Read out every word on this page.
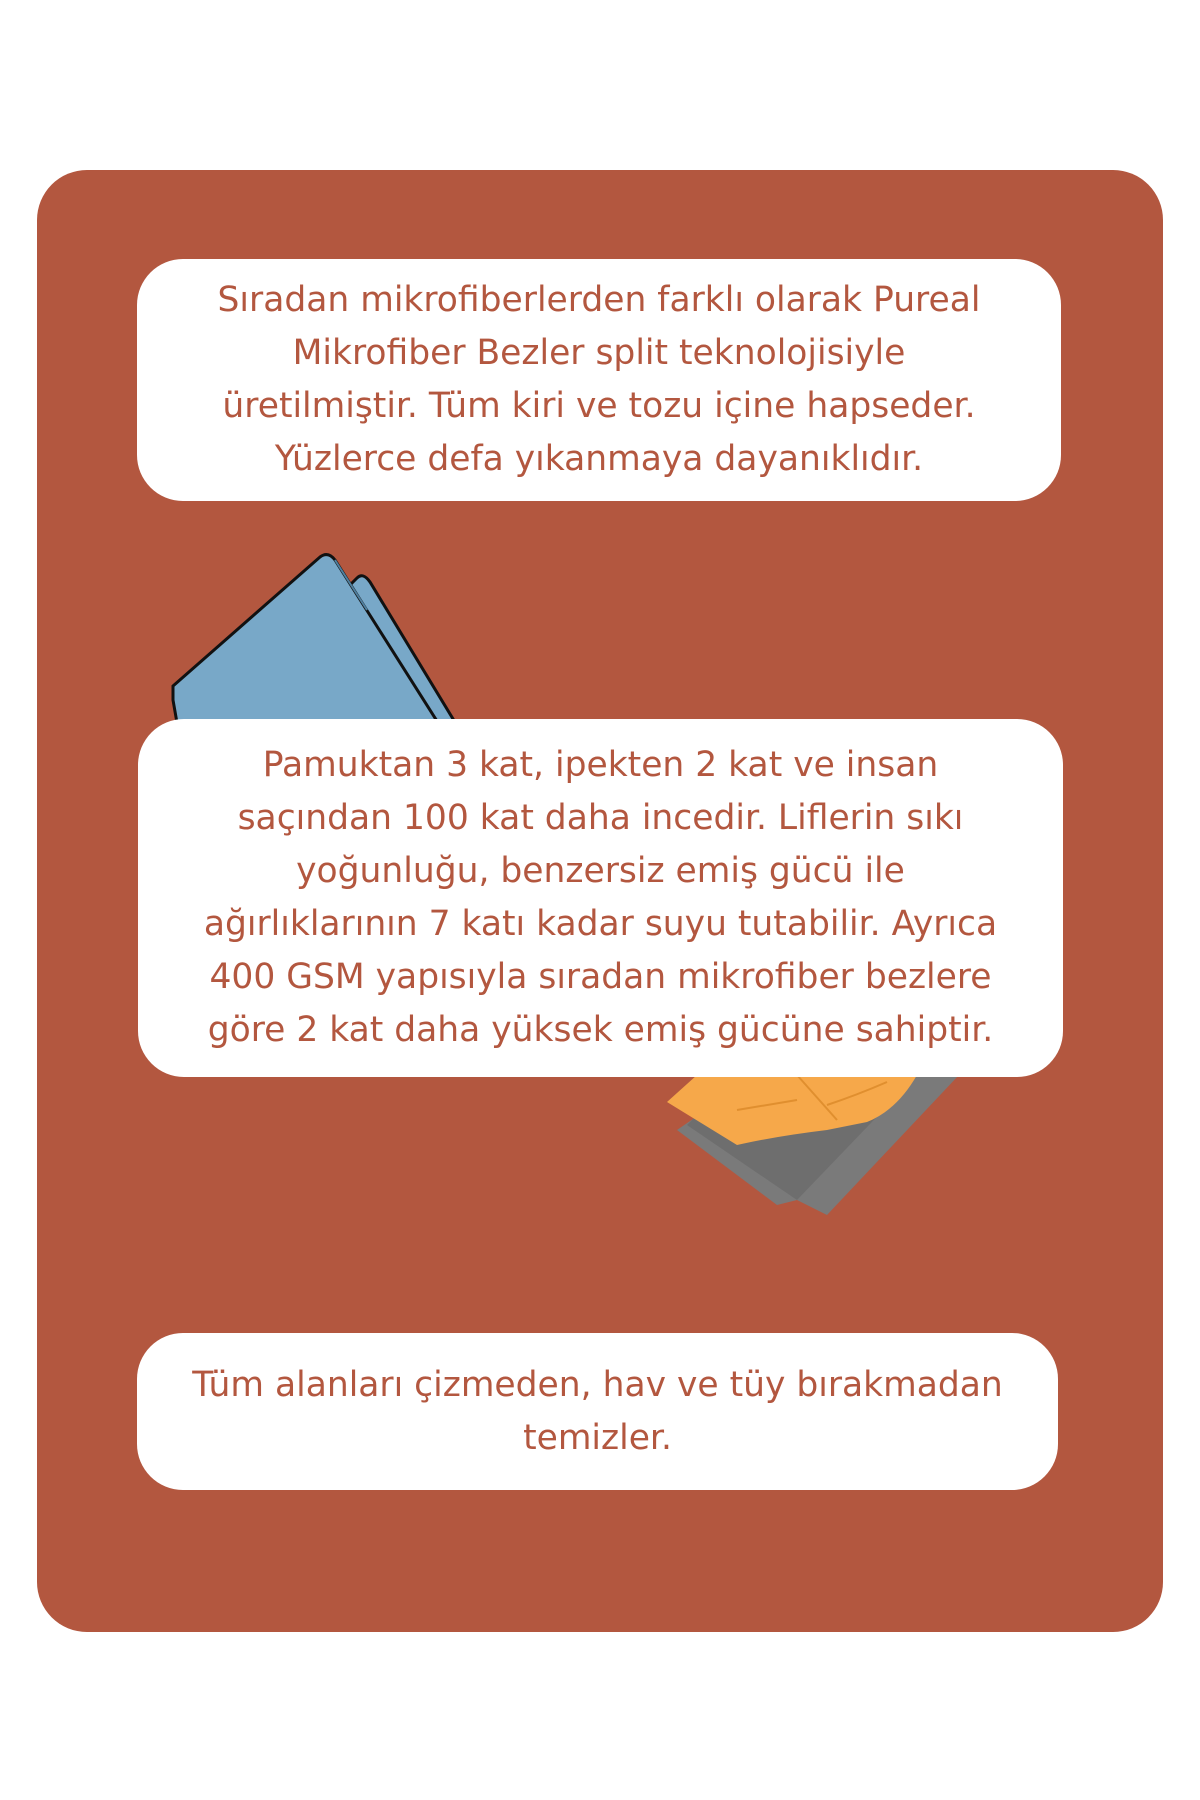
Sıradan mikrofiberlerden farklı olarak Pureal
Mikrofiber Bezler split teknolojisiyle
üretilmiştir. Tüm kiri ve tozu içine hapseder.
Yüzlerce defa yıkanmaya dayanıklıdır.

Pamuktan 3 kat, ipekten 2 kat ve insan
saçından 100 kat daha incedir. Liflerin sıkı
yoğunluğu, benzersiz emiş gücü ile
ağırlıklarının 7 katı kadar suyu tutabilir. Ayrıca
400 GSM yapısıyla sıradan mikrofiber bezlere
göre 2 kat daha yüksek emiş gücüne sahiptir.

Tüm alanları çizmeden, hav ve tüy bırakmadan
temizler.
